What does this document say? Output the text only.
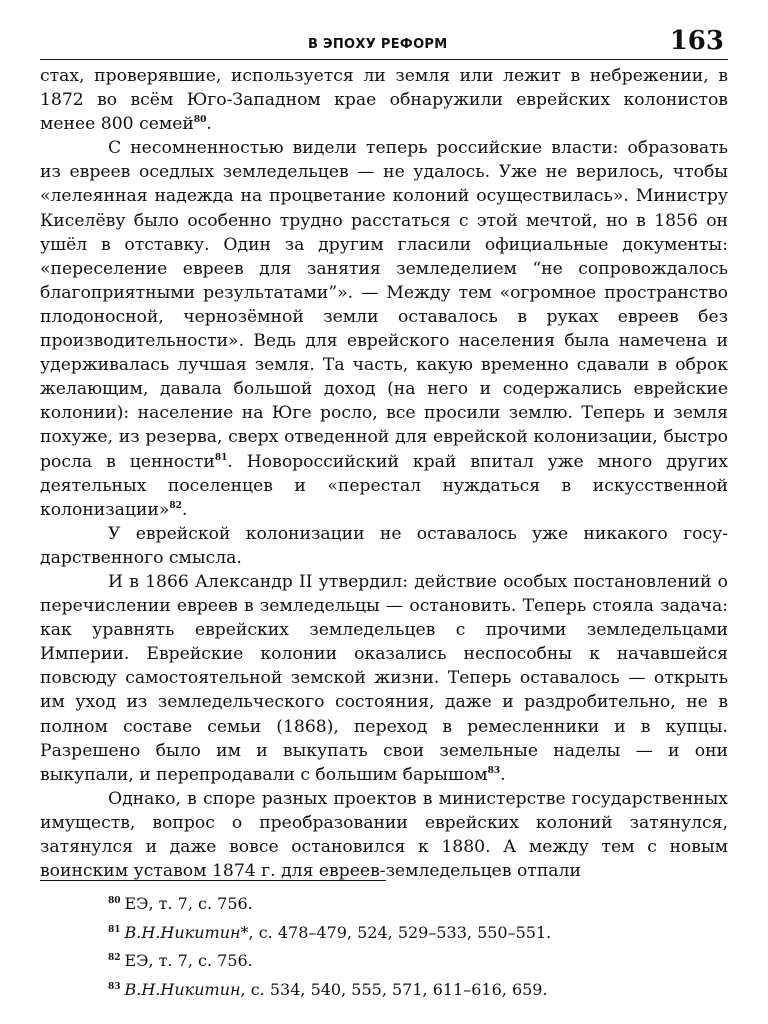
В ЭПОХУ РЕФОРМ	163

стах, проверявшие, используется ли земля или лежит в небрежении, в 1872 во всём Юго-Западном крае обнаружили еврейских колонистов менее 800 семей$^{80}$.

С несомненностью видели теперь российские власти: образовать из евреев оседлых земледельцев — не удалось. Уже не верилось, чтобы «лелеянная надежда на процветание колоний осуществилась». Министру Киселёву было особенно трудно расстаться с этой мечтой, но в 1856 он ушёл в отставку. Один за другим гласили официальные документы: «переселение евреев для занятия земледелием “не сопровождалось благоприятными результатами”». — Между тем «огромное пространство плодоносной, чернозёмной земли оставалось в руках евреев без производительности». Ведь для еврейского населения была намечена и удерживалась лучшая земля. Та часть, какую временно сдавали в оброк желающим, давала большой доход (на него и содержались еврейские колонии): население на Юге росло, все просили землю. Теперь и земля похуже, из резерва, сверх отведенной для еврейской колонизации, быстро росла в ценности$^{81}$. Новороссийский край впитал уже много других деятельных поселенцев и «перестал нуждаться в искусственной колонизации»$^{82}$.

У еврейской колонизации не оставалось уже никакого государственного смысла.

И в 1866 Александр II утвердил: действие особых постановлений о перечислении евреев в земледельцы — остановить. Теперь стояла задача: как уравнять еврейских земледельцев с прочими земледельцами Империи. Еврейские колонии оказались неспособны к начавшейся повсюду самостоятельной земской жизни. Теперь оставалось — открыть им уход из земледельческого состояния, даже и раздробительно, не в полном составе семьи (1868), переход в ремесленники и в купцы. Разрешено было им и выкупать свои земельные наделы — и они выкупали, и перепродавали с большим барышом$^{83}$.

Однако, в споре разных проектов в министерстве государственных имуществ, вопрос о преобразовании еврейских колоний затянулся, затянулся и даже вовсе остановился к 1880. А между тем с новым воинским уставом 1874 г. для евреев-земледельцев отпали

$^{80}$ ЕЭ, т. 7, с. 756.
$^{81}$ В.Н.Никитин*, с. 478–479, 524, 529–533, 550–551.
$^{82}$ ЕЭ, т. 7, с. 756.
$^{83}$ В.Н.Никитин, с. 534, 540, 555, 571, 611–616, 659.
